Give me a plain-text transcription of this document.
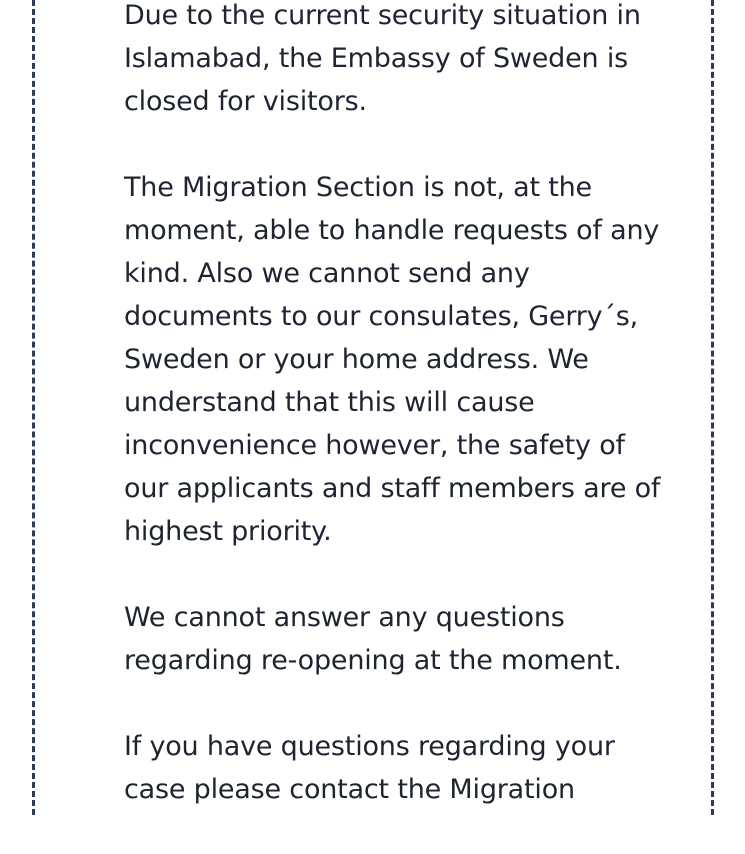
Due to the current security situation in
Islamabad, the Embassy of Sweden is
closed for visitors.

The Migration Section is not, at the
moment, able to handle requests of any
kind. Also we cannot send any
documents to our consulates, Gerry´s,
Sweden or your home address. We
understand that this will cause
inconvenience however, the safety of
our applicants and staff members are of
highest priority.

We cannot answer any questions
regarding re-opening at the moment.

If you have questions regarding your
case please contact the Migration
